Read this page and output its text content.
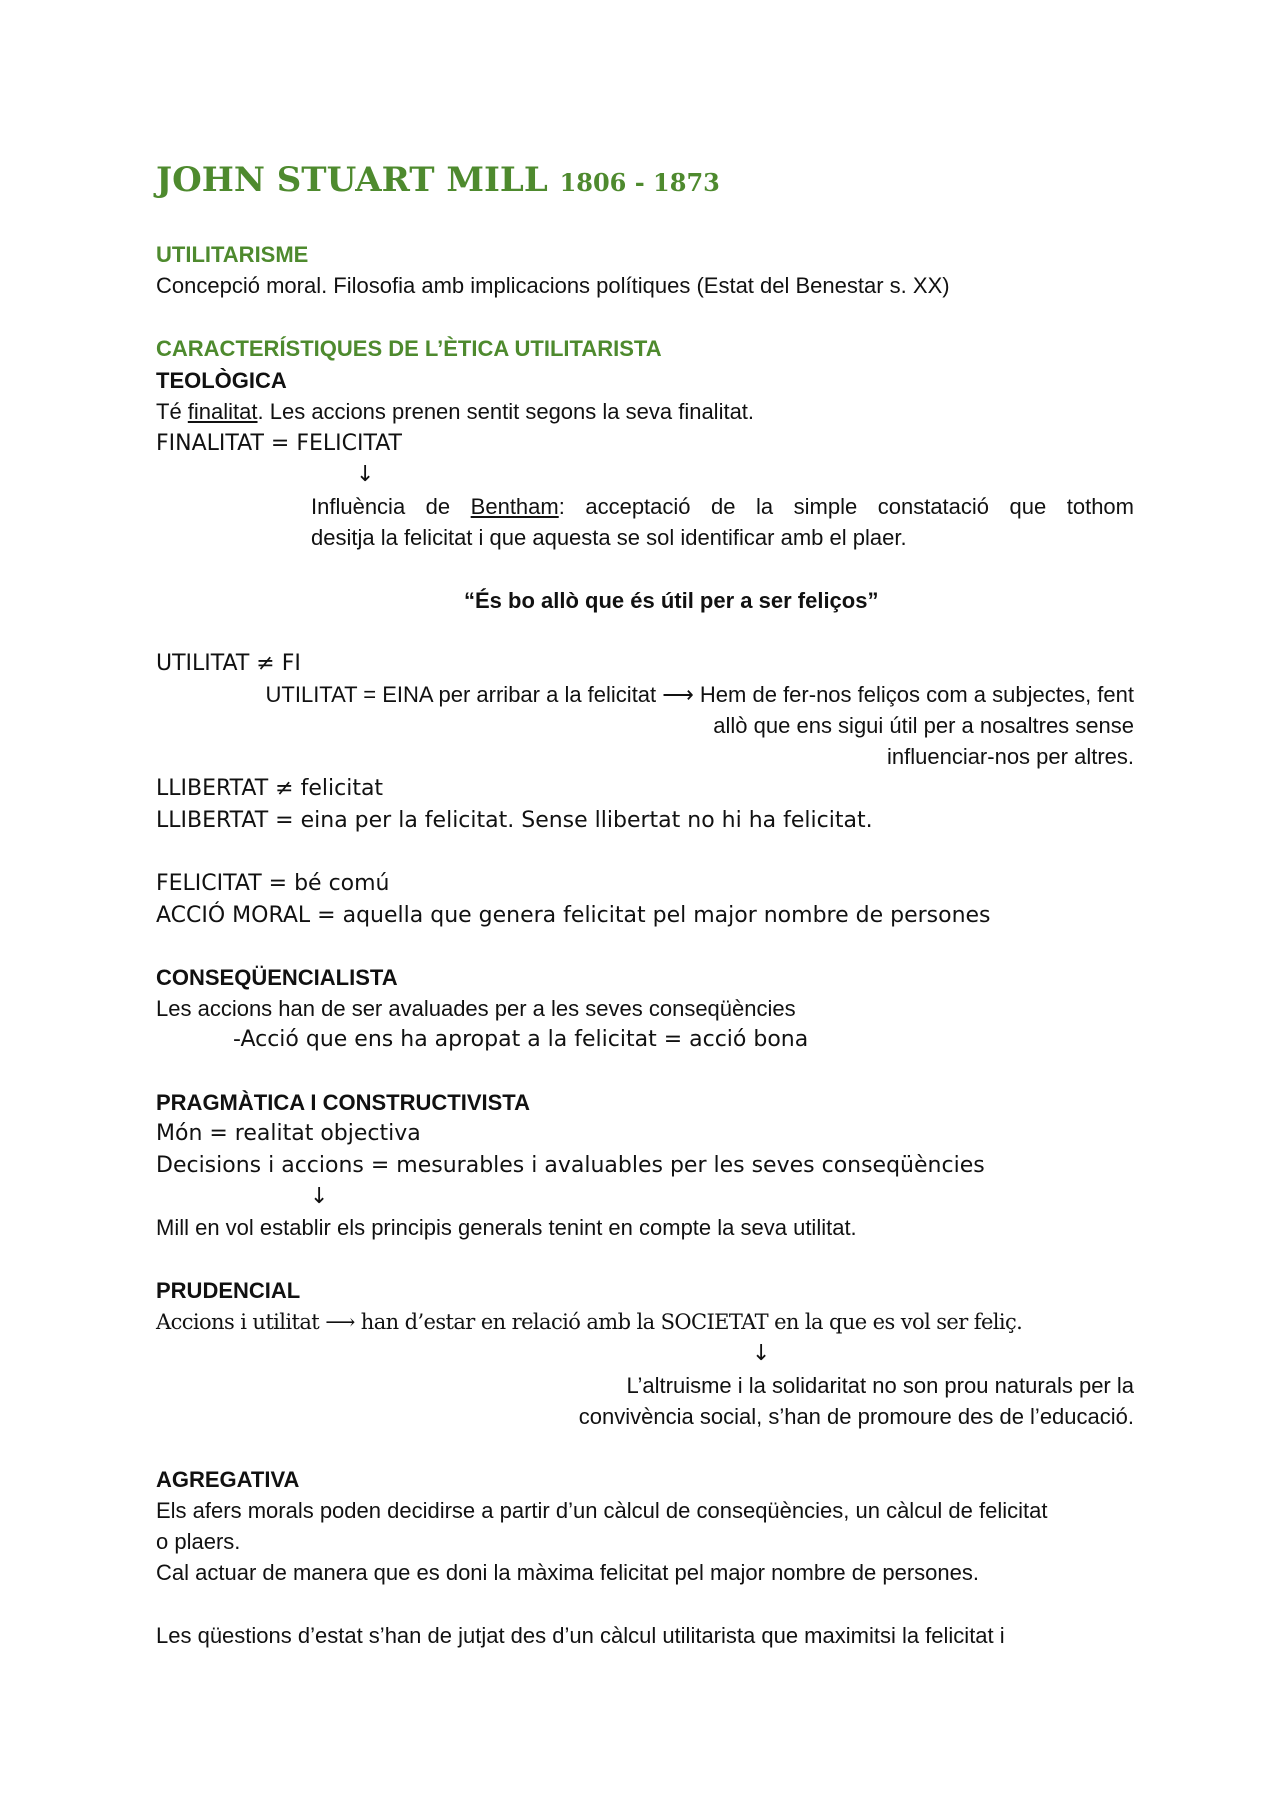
JOHN STUART MILL 1806 - 1873
UTILITARISME
Concepció moral. Filosofia amb implicacions polítiques (Estat del Benestar s. XX)
CARACTERÍSTIQUES DE L’ÈTICA UTILITARISTA
TEOLÒGICA
Té finalitat. Les accions prenen sentit segons la seva finalitat.
FINALITAT = FELICITAT
↓
Influència de Bentham: acceptació de la simple constatació que tothom
desitja la felicitat i que aquesta se sol identificar amb el plaer.
“És bo allò que és útil per a ser feliços”
UTILITAT ≠ FI
UTILITAT = EINA per arribar a la felicitat ⟶ Hem de fer-nos feliços com a subjectes, fent
allò que ens sigui útil per a nosaltres sense
influenciar-nos per altres.
LLIBERTAT ≠ felicitat
LLIBERTAT = eina per la felicitat. Sense llibertat no hi ha felicitat.
FELICITAT = bé comú
ACCIÓ MORAL = aquella que genera felicitat pel major nombre de persones
CONSEQÜENCIALISTA
Les accions han de ser avaluades per a les seves conseqüències
-Acció que ens ha apropat a la felicitat = acció bona
PRAGMÀTICA I CONSTRUCTIVISTA
Món = realitat objectiva
Decisions i accions = mesurables i avaluables per les seves conseqüències
↓
Mill en vol establir els principis generals tenint en compte la seva utilitat.
PRUDENCIAL
Accions i utilitat ⟶ han d’estar en relació amb la SOCIETAT en la que es vol ser feliç.
↓
L’altruisme i la solidaritat no son prou naturals per la
convivència social, s’han de promoure des de l’educació.
AGREGATIVA
Els afers morals poden decidirse a partir d’un càlcul de conseqüències, un càlcul de felicitat
o plaers.
Cal actuar de manera que es doni la màxima felicitat pel major nombre de persones.
Les qüestions d’estat s’han de jutjat des d’un càlcul utilitarista que maximitsi la felicitat i
